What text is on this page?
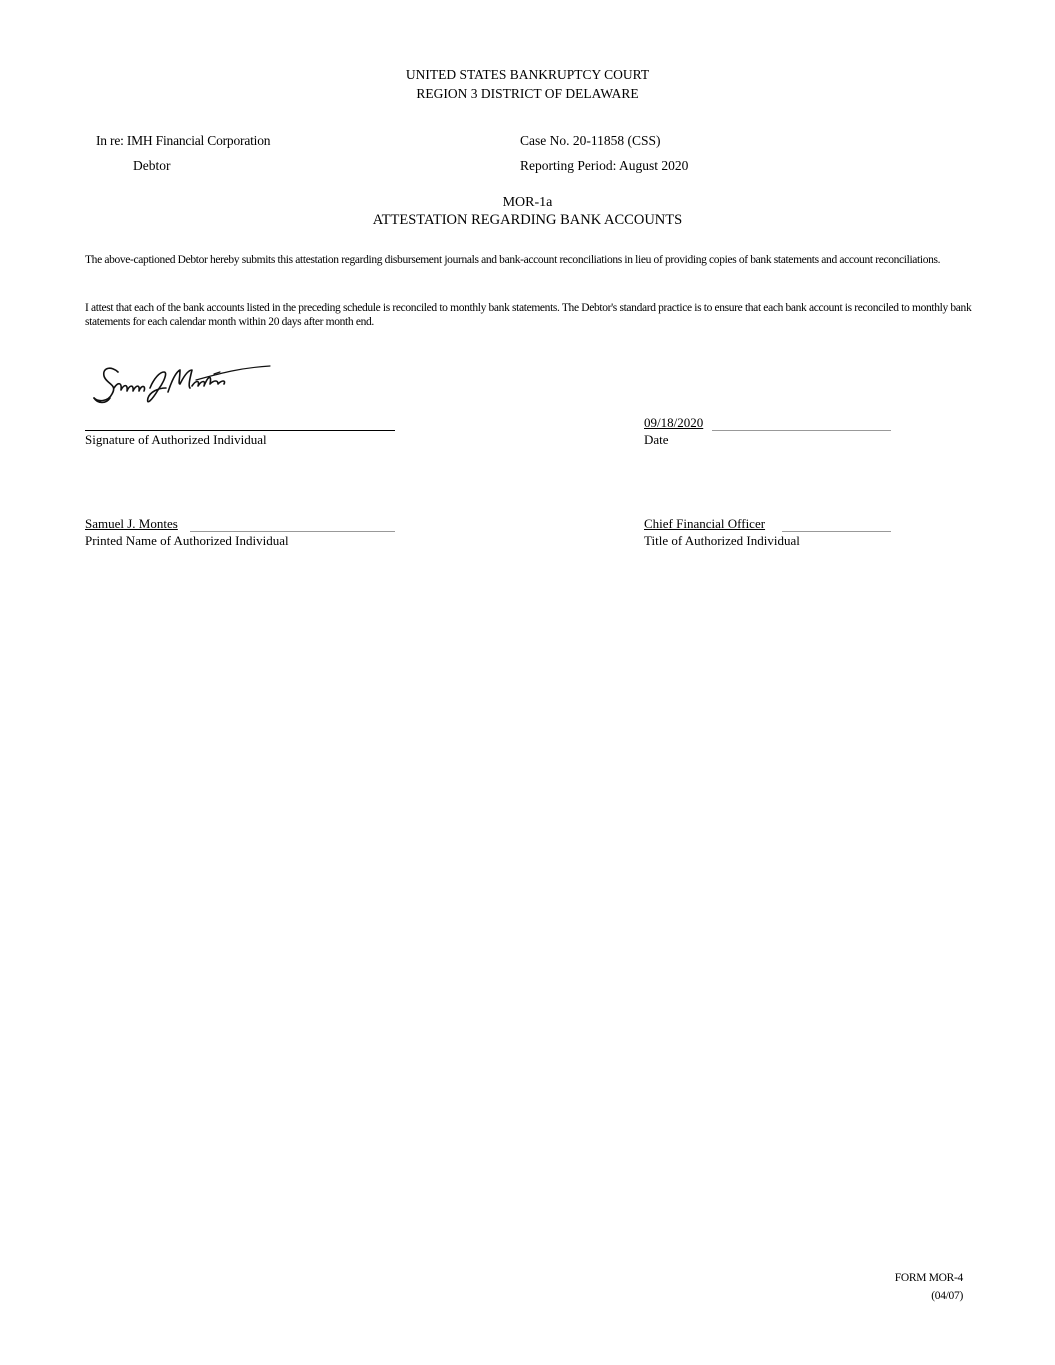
UNITED STATES BANKRUPTCY COURT
REGION 3 DISTRICT OF DELAWARE
In re: IMH Financial Corporation
Debtor
Case No. 20-11858 (CSS)
Reporting Period: August 2020
MOR-1a
ATTESTATION REGARDING BANK ACCOUNTS
The above-captioned Debtor hereby submits this attestation regarding disbursement journals and bank-account reconciliations in lieu of providing copies of bank statements and account reconciliations.
I attest that each of the bank accounts listed in the preceding schedule is reconciled to monthly bank statements. The Debtor's standard practice is to ensure that each bank account is reconciled to monthly bank statements for each calendar month within 20 days after month end.
Signature of Authorized Individual
09/18/2020
Date
Samuel J. Montes
Printed Name of Authorized Individual
Chief Financial Officer
Title of Authorized Individual
FORM MOR-4
(04/07)
